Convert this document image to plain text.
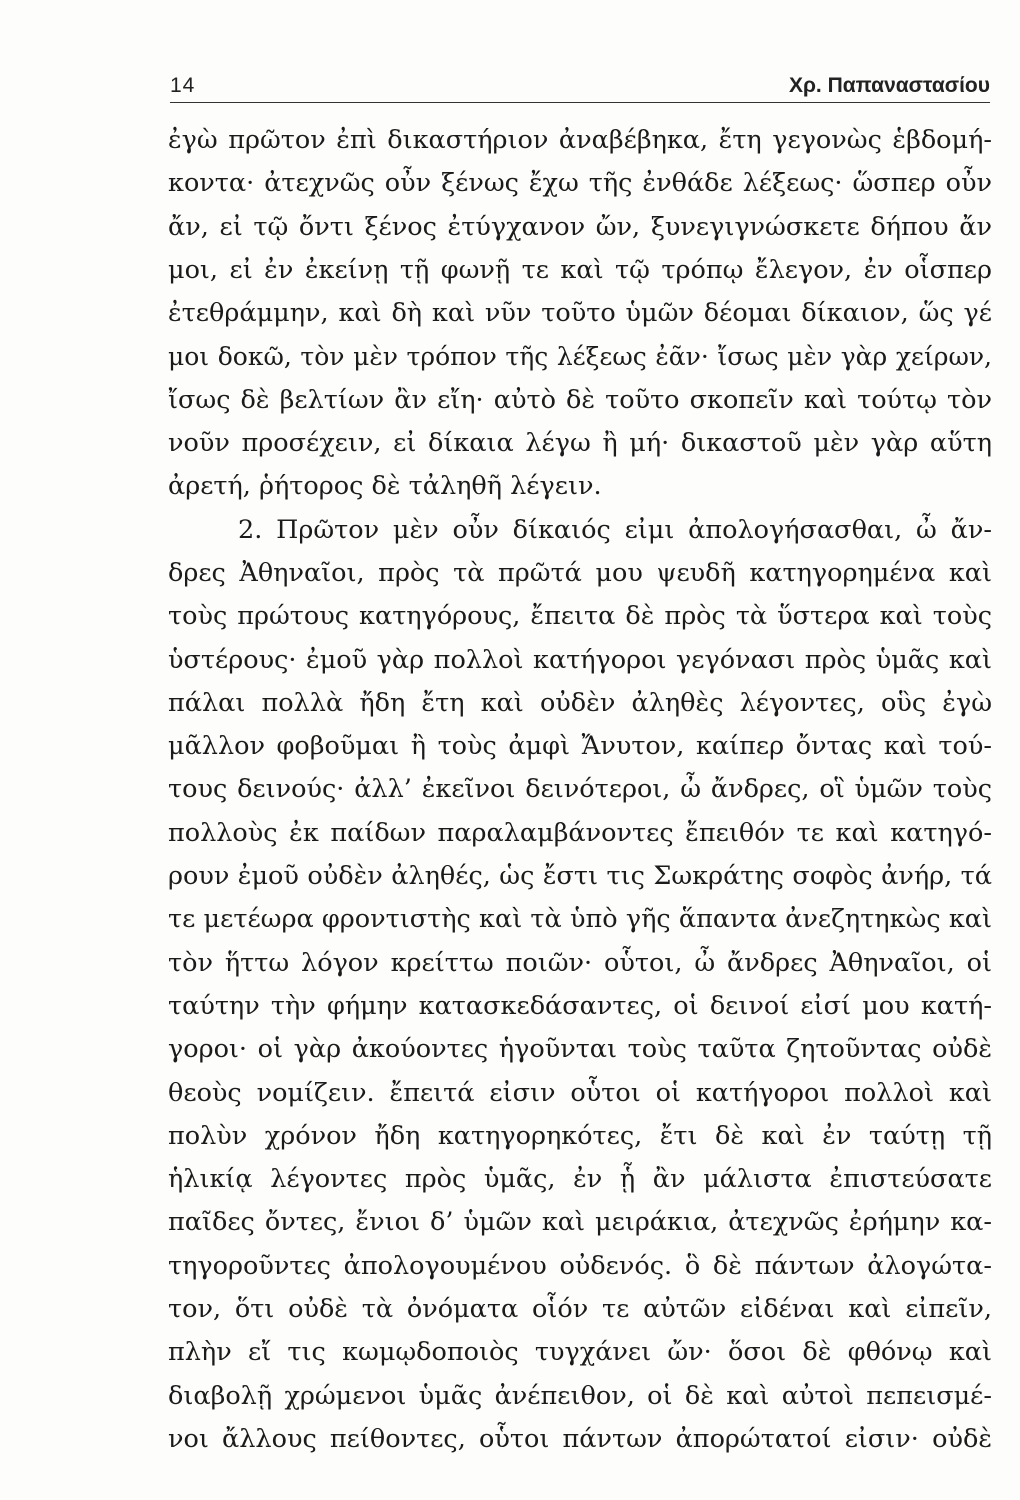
14	Χρ. Παπαναστασίου
ἐγὼ πρῶτον ἐπὶ δικαστήριον ἀναβέβηκα, ἔτη γεγονὼς ἑβδομή-
κοντα· ἀτεχνῶς οὖν ξένως ἔχω τῆς ἐνθάδε λέξεως· ὥσπερ οὖν
ἄν, εἰ τῷ ὄντι ξένος ἐτύγχανον ὤν, ξυνεγιγνώσκετε δήπου ἄν
μοι, εἰ ἐν ἐκείνῃ τῇ φωνῇ τε καὶ τῷ τρόπῳ ἔλεγον, ἐν οἷσπερ
ἐτεθράμμην, καὶ δὴ καὶ νῦν τοῦτο ὑμῶν δέομαι δίκαιον, ὥς γέ
μοι δοκῶ, τὸν μὲν τρόπον τῆς λέξεως ἐᾶν· ἴσως μὲν γὰρ χείρων,
ἴσως δὲ βελτίων ἂν εἴη· αὐτὸ δὲ τοῦτο σκοπεῖν καὶ τούτῳ τὸν
νοῦν προσέχειν, εἰ δίκαια λέγω ἢ μή· δικαστοῦ μὲν γὰρ αὕτη
ἀρετή, ῥήτορος δὲ τἀληθῆ λέγειν.
2. Πρῶτον μὲν οὖν δίκαιός εἰμι ἀπολογήσασθαι, ὦ ἄν-
δρες Ἀθηναῖοι, πρὸς τὰ πρῶτά μου ψευδῆ κατηγορημένα καὶ
τοὺς πρώτους κατηγόρους, ἔπειτα δὲ πρὸς τὰ ὕστερα καὶ τοὺς
ὑστέρους· ἐμοῦ γὰρ πολλοὶ κατήγοροι γεγόνασι πρὸς ὑμᾶς καὶ
πάλαι πολλὰ ἤδη ἔτη καὶ οὐδὲν ἀληθὲς λέγοντες, οὓς ἐγὼ
μᾶλλον φοβοῦμαι ἢ τοὺς ἀμφὶ Ἄνυτον, καίπερ ὄντας καὶ τού-
τους δεινούς· ἀλλ’ ἐκεῖνοι δεινότεροι, ὦ ἄνδρες, οἳ ὑμῶν τοὺς
πολλοὺς ἐκ παίδων παραλαμβάνοντες ἔπειθόν τε καὶ κατηγό-
ρουν ἐμοῦ οὐδὲν ἀληθές, ὡς ἔστι τις Σωκράτης σοφὸς ἀνήρ, τά
τε μετέωρα φροντιστὴς καὶ τὰ ὑπὸ γῆς ἅπαντα ἀνεζητηκὼς καὶ
τὸν ἥττω λόγον κρείττω ποιῶν· οὗτοι, ὦ ἄνδρες Ἀθηναῖοι, οἱ
ταύτην τὴν φήμην κατασκεδάσαντες, οἱ δεινοί εἰσί μου κατή-
γοροι· οἱ γὰρ ἀκούοντες ἡγοῦνται τοὺς ταῦτα ζητοῦντας οὐδὲ
θεοὺς νομίζειν. ἔπειτά εἰσιν οὗτοι οἱ κατήγοροι πολλοὶ καὶ
πολὺν χρόνον ἤδη κατηγορηκότες, ἔτι δὲ καὶ ἐν ταύτῃ τῇ
ἡλικίᾳ λέγοντες πρὸς ὑμᾶς, ἐν ᾗ ἂν μάλιστα ἐπιστεύσατε
παῖδες ὄντες, ἔνιοι δ’ ὑμῶν καὶ μειράκια, ἀτεχνῶς ἐρήμην κα-
τηγοροῦντες ἀπολογουμένου οὐδενός. ὃ δὲ πάντων ἀλογώτα-
τον, ὅτι οὐδὲ τὰ ὀνόματα οἷόν τε αὐτῶν εἰδέναι καὶ εἰπεῖν,
πλὴν εἴ τις κωμῳδοποιὸς τυγχάνει ὤν· ὅσοι δὲ φθόνῳ καὶ
διαβολῇ χρώμενοι ὑμᾶς ἀνέπειθον, οἱ δὲ καὶ αὐτοὶ πεπεισμέ-
νοι ἄλλους πείθοντες, οὗτοι πάντων ἀπορώτατοί εἰσιν· οὐδὲ
